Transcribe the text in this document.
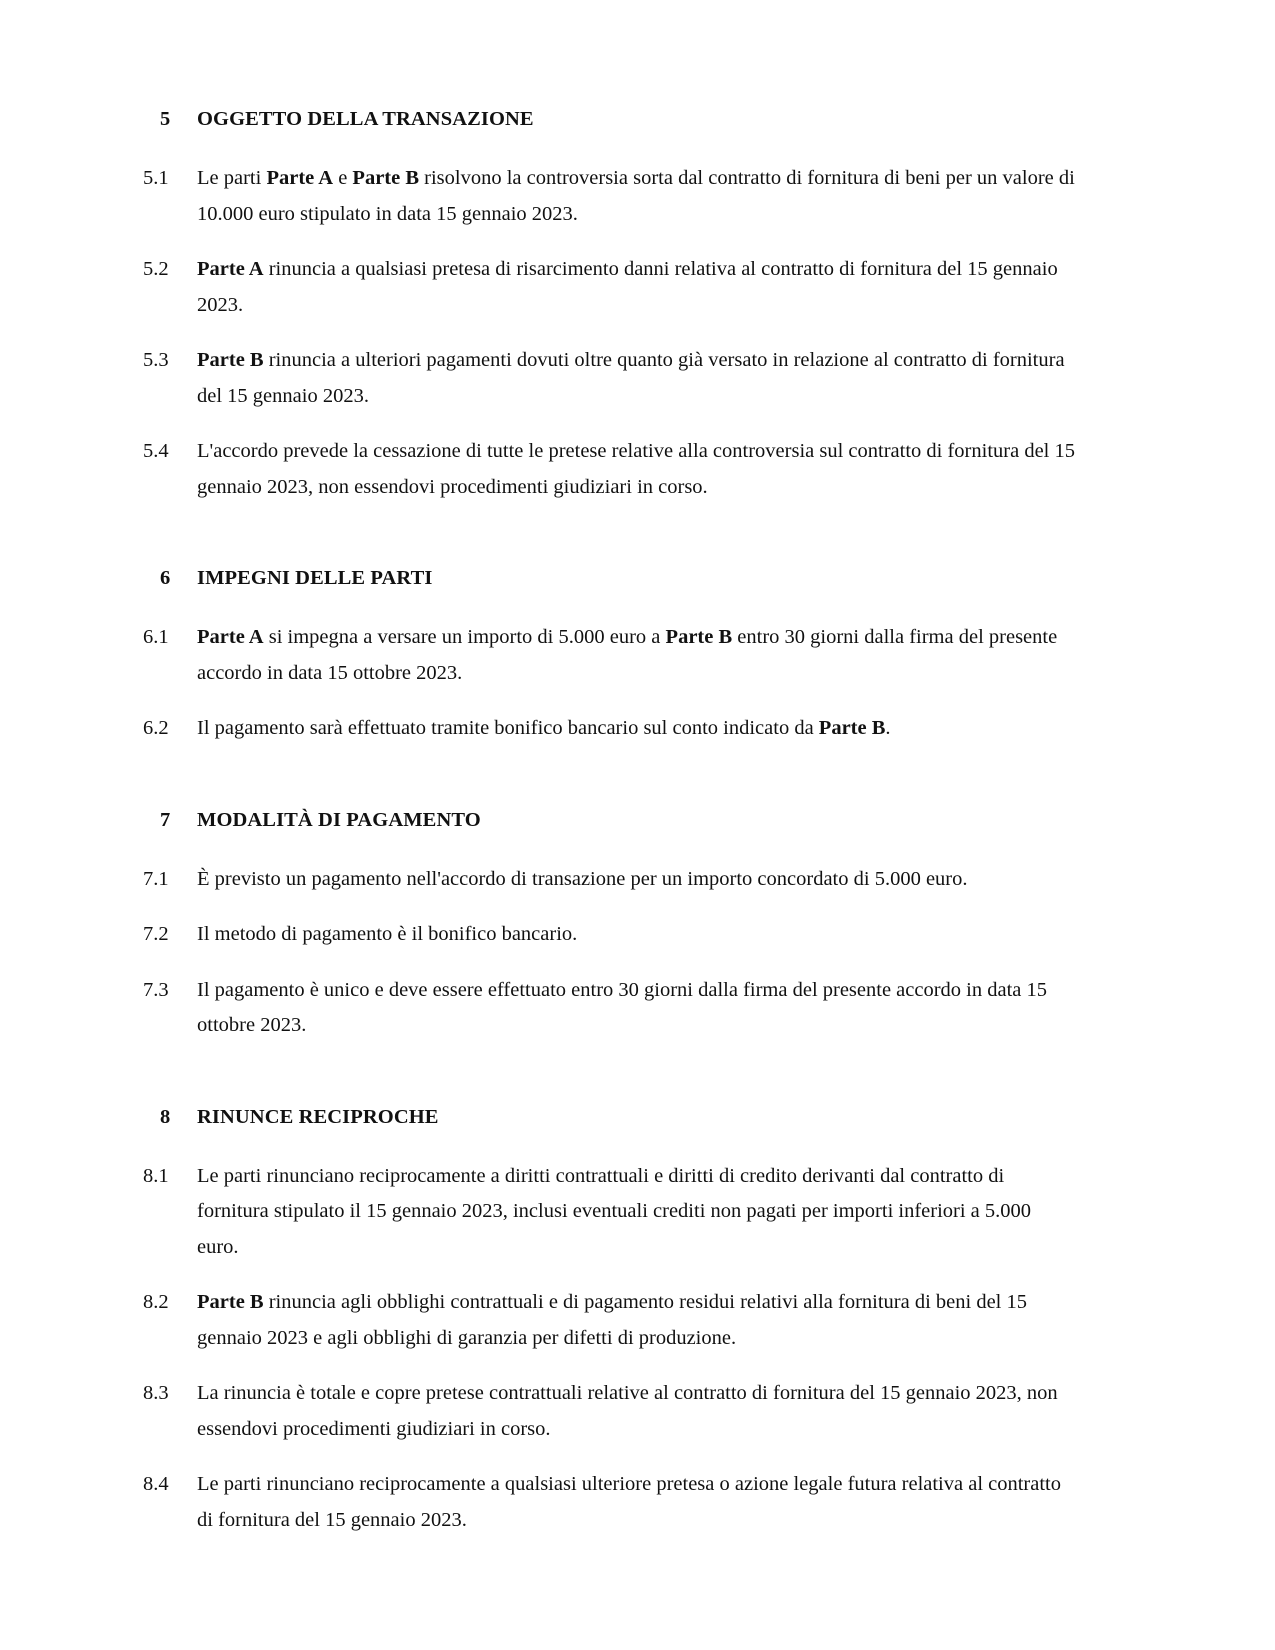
5	OGGETTO DELLA TRANSAZIONE
5.1	Le parti Parte A e Parte B risolvono la controversia sorta dal contratto di fornitura di beni per un valore di 10.000 euro stipulato in data 15 gennaio 2023.
5.2	Parte A rinuncia a qualsiasi pretesa di risarcimento danni relativa al contratto di fornitura del 15 gennaio 2023.
5.3	Parte B rinuncia a ulteriori pagamenti dovuti oltre quanto già versato in relazione al contratto di fornitura del 15 gennaio 2023.
5.4	L'accordo prevede la cessazione di tutte le pretese relative alla controversia sul contratto di fornitura del 15 gennaio 2023, non essendovi procedimenti giudiziari in corso.
6	IMPEGNI DELLE PARTI
6.1	Parte A si impegna a versare un importo di 5.000 euro a Parte B entro 30 giorni dalla firma del presente accordo in data 15 ottobre 2023.
6.2	Il pagamento sarà effettuato tramite bonifico bancario sul conto indicato da Parte B.
7	MODALITÀ DI PAGAMENTO
7.1	È previsto un pagamento nell'accordo di transazione per un importo concordato di 5.000 euro.
7.2	Il metodo di pagamento è il bonifico bancario.
7.3	Il pagamento è unico e deve essere effettuato entro 30 giorni dalla firma del presente accordo in data 15 ottobre 2023.
8	RINUNCE RECIPROCHE
8.1	Le parti rinunciano reciprocamente a diritti contrattuali e diritti di credito derivanti dal contratto di fornitura stipulato il 15 gennaio 2023, inclusi eventuali crediti non pagati per importi inferiori a 5.000 euro.
8.2	Parte B rinuncia agli obblighi contrattuali e di pagamento residui relativi alla fornitura di beni del 15 gennaio 2023 e agli obblighi di garanzia per difetti di produzione.
8.3	La rinuncia è totale e copre pretese contrattuali relative al contratto di fornitura del 15 gennaio 2023, non essendovi procedimenti giudiziari in corso.
8.4	Le parti rinunciano reciprocamente a qualsiasi ulteriore pretesa o azione legale futura relativa al contratto di fornitura del 15 gennaio 2023.
